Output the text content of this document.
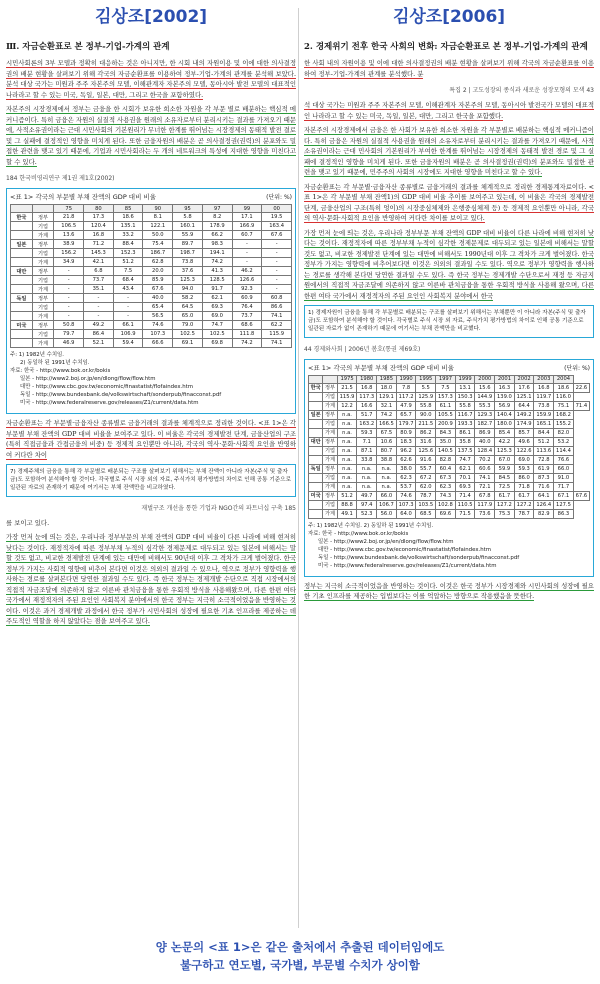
김상조[2002]
Ⅲ. 자금순환표로 본 정부-기업-가계의 관계

시민사회론의 3부 모델과 정확히 대응하는 것은 아니지만, 한 시회 내의 자원이용 및 이에 대한 의사결정권의 배분 현황을 살펴보기 위해 각국의 자금순환표를 이용하여 정부-기업-가계의 관계를 분석해 보았다. 분석 대상 국가는 미원과 주주 자본주의 모델, 이해관계자 자본주의 모델, 동아시아 발전 모델의 대표적인 나라라고 할 수 있는 미국, 독일, 일본, 대만, 그리고 한국을 포함하였다.

자본주의 시장경제에서 정부는 금융을 한 시회가 보유한 희소한 자원을 각 부문 별로 배분하는 핵심적 메커니즘이다. 특히 금융은 자원의 실질적 사용권을 원래의 소유자로부터 분리시키는 결과를 가져오기 때문에, 사적소유권이라는 근대 시민사회의 기본원리가 무너한 한계를 뛰어넘는 시장경제의 동태적 발전 결로 및 그 실패에 결정적인 영향을 미치게 된다. 또한 금융자원의 배분은 곧 의사결정권(권력)의 분포와도 밀접한 관련을 맺고 있기 때문에, 기업과 시민사회라는 두 개의 네트워크의 특성에 지대한 영향을 미친다고 할 수 있다.

184 한국비영리연구 제1권 제1호(2002)
<표 1> 각국의 부문별 부채 잔액의 GDP 대비 비율	(단위: %)
		75	80	85	90	95	97	99	00
한국	정부	21.8	17.3	18.6	8.1	5.8	8.2	17.1	19.5
	기업	106.5	120.4	135.1	122.1	160.1	178.9	166.9	163.4
	가계	13.6	16.8	33.2	50.0	55.9	66.2	60.7	67.6
일본	정부	38.9	71.2	88.4	75.4	89.7	98.3	-	-
	기업	156.2	145.3	152.3	186.7	198.7	194.1	-	-
	가계	34.9	42.1	51.2	62.8	73.8	74.2	-	-
대만	정부	-	6.8	7.5	20.0	37.6	41.3	46.2	-
	기업	-	73.7	68.4	85.9	125.3	128.5	126.6	-
	가계	-	35.1	43.4	67.6	94.0	91.7	92.3	-
독일	정부	-	-	-	40.0	58.2	62.1	60.9	60.8
	기업	-	-	-	65.4	64.5	69.3	76.4	86.6
	가계	-	-	-	56.5	65.0	69.0	73.7	74.1
미국	정부	50.8	49.2	66.1	74.6	79.0	74.7	68.6	62.2
	기업	79.7	86.4	106.9	107.3	102.5	102.5	111.8	115.9
	가계	46.9	52.1	59.4	66.6	69.1	69.8	74.2	74.1
주: 1) 1982년 수치임.
2) 동일하 된 1991년 수치임.
자료: 한국 - http://www.bok.or.kr/bokis
일본 - http://www2.boj.or.jp/en/dlong/flow/flow.htm
대만 - http://www.cbc.gov.tw/economic/finastatist/flofaindex.htm
독일 - http://www.bundesbank.de/volkswirtschaft/sonderpub/finacconst.pdf
미국 - http://www.federalreserve.gov/releases/Z1/current/data.htm

자금순환표는 각 부문별·금융자산 종류별로 금융거래의 결과를 체계적으로 정리한 것이다. <표 1>은 각 부문별 부채 잔액의 GDP 대비 비율을 보여주고 있다. 이 비율은 각국의 경제발전 단계, 금융산업의 구조(특히 직접금융과 간접금융의 비중) 등 경제적 요인뿐만 아니라, 각국의 역사·문화·사회적 요인을 반영하여 커다란 차이

7) 경제주체의 금융을 통해 각 부문별로 배분되는 구조를 살펴보기 위해서는 부채 잔액이 아니라 자본(주식 및 출자금)도 포함하여 분석해야 할 것이다. 각국별로 주식 시장 외의 자료, 주식가치 평가방법의 차이로 인해 공통 기준으로 일관된 자료의 존재하기 때문에 여기서는 부채 잔액만을 비교하였다.
재벌구조 개선을 통한 기업과 NGO간의 파트너십 구축 185

를 보이고 있다.

가장 먼저 눈에 띄는 것은, 우리나라 정부부문의 부채 잔액의 GDP 대비 비율이 다른 나라에 비해 현저히 낮다는 것이다. 재정적자에 따른 정부부채 누적의 심각한 경제문제로 대두되고 있는 일본에 비해서는 말할 것도 없고, 비교한 경제발전 단계에 있는 대만에 비해서도 90년대 이후 그 격차가 크게 벌어졌다. 한국 정부가 가지는 사회적 영향에 비추어 본다면 이것은 의외의 결과일 수 있으나, 역으로 정부가 영향력을 행사하는 경로를 살펴본다면 당연한 결과일 수도 있다. 즉 한국 정부는 경제개발 수단으로 직접 시장에서의 직접적 자금조달에 의존하지 않고 이른바 관치금융을 통한 우회적 방식을 사용해왔으며, 다른 한편 여타 국가에서 재정적자의 주된 요인인 사회복지 분야에서의 한국 정부는 지극히 소극적이었음을 반영하는 것이다. 이것은 과거 경제개발 과정에서 한국 정부가 시민사회의 성장에 필요한 기초 인프라를 제공하는 데 주도적인 역할을 하지 않았다는 점을 보여주고 있다.

김상조[2006]
2. 경제위기 전후 한국 사회의 변화: 자금순환표로 본 정부-기업-가계의 관계

한 사회 내의 자원이용 및 이에 대한 의사결정권의 배분 현황을 살펴보기 위해 각국의 자금순환표를 이용하여 정부-기업-가계의 관계를 분석했다. 분

특집 2 | 고도성장의 종식과 새로운 성장모형의 모색 43

석 대상 국가는 미원과 주주 자본주의 모델, 이해관계자 자본주의 모델, 동아시아 발전국가 모델의 대표적인 나라라고 할 수 있는 미국, 독일, 일본, 대만, 그리고 한국을 포함했다.

자본주의 시장경제에서 금융은 한 사회가 보유한 희소한 자원을 각 부문별로 배분하는 핵심적 메커니즘이다. 특히 금융은 자원의 실질적 사용권을 원래의 소유자로부터 분리시키는 결과를 가져오기 때문에, 사적소유권이라는 근대 민사회의 기본원리가 부여한 한계를 뛰어넘는 시장경제의 동태적 발전 경로 및 그 실패에 결정적인 영향을 미치게 된다. 또한 금융자원의 배분은 곧 의사결정권(권력)의 분포와도 밀접한 관련을 맺고 있기 때문에, 민주주의 사회의 시장에도 지대한 영향을 미친다고 할 수 있다.

자금순환표는 각 부문별·금융자산 종류별로 금융거래의 결과를 체계적으로 정리한 경제통계자료이다. <표 1>은 각 부문별 부채 잔액1)의 GDP 대비 비율 추이를 보여주고 있는데, 이 비율은 각국의 경제발전 단계, 금융산업의 구조(특히 엉이)의 시장중심체제와 은행중심체제 등) 등 경제적 요인뿐만 아니라, 각국의 역사·문화·사회적 요인을 반영하여 커다란 차이를 보이고 있다.

가장 먼저 눈에 띄는 것은, 우리나라 정부부문 부채 잔액의 GDP 대비 비율이 다른 나라에 비해 현저히 낮다는 것이다. 재정적자에 따른 정부부채 누적이 심각한 경제문제로 대두되고 있는 일본에 비해서는 말할 것도 없고, 비교한 경제발전 단계에 있는 대만에 비해서도 1990년대 이후 그 격차가 크게 벌어졌다. 한국 정부가 가지는 영향력에 비추어보다면 이것은 의외의 결과일 수도 있다. 역으로 정부가 영향력을 행사하는 경로를 생각해 본다면 당연한 결과일 수도 있다. 즉 한국 정부는 경제개발 수단으로서 재정 등 자금지원에서의 직접적 자금조달에 의존하지 않고 이른바 관치금융을 통한 우회적 방식을 사용해 왔으며, 다른 한편 여타 국가에서 재정적자의 주된 요인인 사회복지 분야에서 한국

1) 경제자원이 금융을 통해 각 부문별로 배분되는 구조를 살펴보기 위해서는 부채뿐만 이 아니라 자본(주식 및 출자금)도 포함하여 분석해야 할 것이다. 각국별로 주식 시장 외 자료, 주식가치 평가방법의 차이로 인해 공통 기준으로 일관된 자료가 없이 존재하기 때문에 여기서는 부채 잔액만을 비교했다.
44 경제와사회 | 2006년 봄호(통권 제69호)
<표 1> 각국의 부문별 부채 잔액의 GDP 대비 비율	(단위: %)
		1975	1980	1985	1990	1995	1997	1999	2000	2001	2002	2003	2004	
한국	정부	21.5	16.8	18.0	7.8	5.5	7.5	13.1	15.6	16.3	17.6	16.8	18.6	22.6
	기업	115.9	117.3	129.1	117.2	125.9	157.3	150.3	144.9	139.0	125.1	119.7	116.0	
	가계	12.2	16.6	32.1	47.9	55.8	61.1	55.8	55.3	56.9	64.4	73.8	75.1	71.4
일본	정부	n.a.	51.7	74.2	65.7	90.0	105.5	116.7	129.3	140.4	149.2	159.9	168.2	
	기업	n.a.	163.2	166.5	179.7	211.5	200.9	193.3	182.7	180.0	174.9	165.1	155.2	
	가계	n.a.	59.3	67.5	80.9	86.2	84.3	86.1	86.9	85.4	85.7	84.4	82.0	
대만	정부	n.a.	7.1	10.6	18.3	31.6	35.0	35.8	40.0	42.2	49.6	51.2	53.2	
	기업	n.a.	87.1	80.7	96.2	125.6	140.5	137.5	128.4	125.3	122.6	113.6	114.4	
	가계	n.a.	33.8	38.8	62.6	91.6	82.8	74.7	70.2	67.0	69.0	72.8	76.6	
독일	정부	n.a.	n.a.	n.a.	38.0	55.7	60.4	62.1	60.6	59.9	59.3	61.9	66.0	
	기업	n.a.	n.a.	n.a.	62.3	67.2	67.3	70.1	74.1	84.5	86.0	87.3	91.0	
	가계	n.a.	n.a.	n.a.	53.7	62.0	62.3	69.3	72.1	72.5	71.8	71.6	71.7	
미국	정부	51.2	49.7	66.0	74.6	78.7	74.3	71.4	67.8	61.7	61.7	64.1	67.1	67.6
	기업	88.8	97.4	106.7	107.3	103.5	102.8	110.5	117.9	127.2	127.2	126.4	127.5	
	가계	49.1	52.3	56.0	64.0	68.5	69.6	71.5	73.6	75.3	78.7	82.9	86.3	
주: 1) 1982년 수치임. 2) 동일하 된 1991년 수치임.
자료: 한국 - http://www.bok.or.kr/bokis
일본 - http://www2.boj.or.jp/en/dlong/flow/flow.htm
대만 - http://www.cbc.gov.tw/economic/finastatist/flofaindex.htm
독일 - http://www.bundesbank.de/volkswirtschaft/sonderpub/finacconst.pdf
미국 - http://www.federalreserve.gov/releases/Z1/current/data.htm

정부는 지극히 소극적이었음을 반영하는 것이다. 이것은 한국 정부가 시장경제와 시민사회의 성장에 필요한 기초 인프라를 제공하는 입법보다는 이를 억압하는 방향으로 작용했음을 뜻한다.

양 논문의 <표 1>은 같은 출처에서 추출된 데이터임에도
불구하고 연도별, 국가별, 부문별 수치가 상이함
